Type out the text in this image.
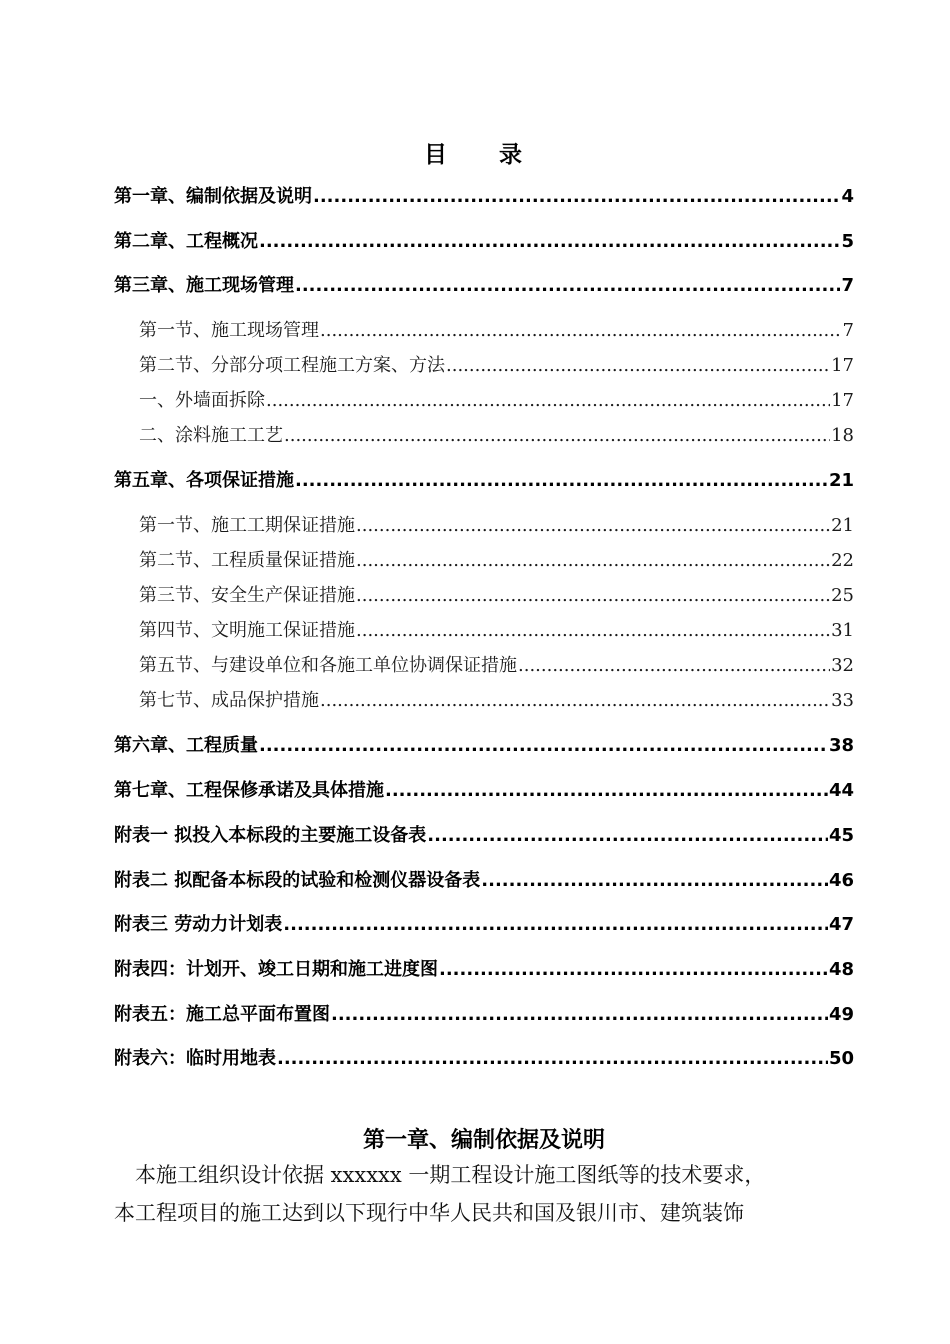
目 录
第一章、编制依据及说明 .....	4
第二章、工程概况 .....	5
第三章、施工现场管理 .....	7
第一节、施工现场管理 .....	7
第二节、分部分项工程施工方案、方法 .....	17
一、外墙面拆除 .....	17
二、涂料施工工艺 .....	18
第五章、各项保证措施 .....	21
第一节、施工工期保证措施 .....	21
第二节、工程质量保证措施 .....	22
第三节、安全生产保证措施 .....	25
第四节、文明施工保证措施 .....	31
第五节、与建设单位和各施工单位协调保证措施 .....	32
第七节、成品保护措施 .....	33
第六章、工程质量 .....	38
第七章、工程保修承诺及具体措施 .....	44
附表一 拟投入本标段的主要施工设备表 .....	45
附表二 拟配备本标段的试验和检测仪器设备表 .....	46
附表三 劳动力计划表 .....	47
附表四：计划开、竣工日期和施工进度图 .....	48
附表五：施工总平面布置图 .....	49
附表六：临时用地表 .....	50
第一章、编制依据及说明
　本施工组织设计依据 xxxxxx 一期工程设计施工图纸等的技术要求，
本工程项目的施工达到以下现行中华人民共和国及银川市、建筑装饰
